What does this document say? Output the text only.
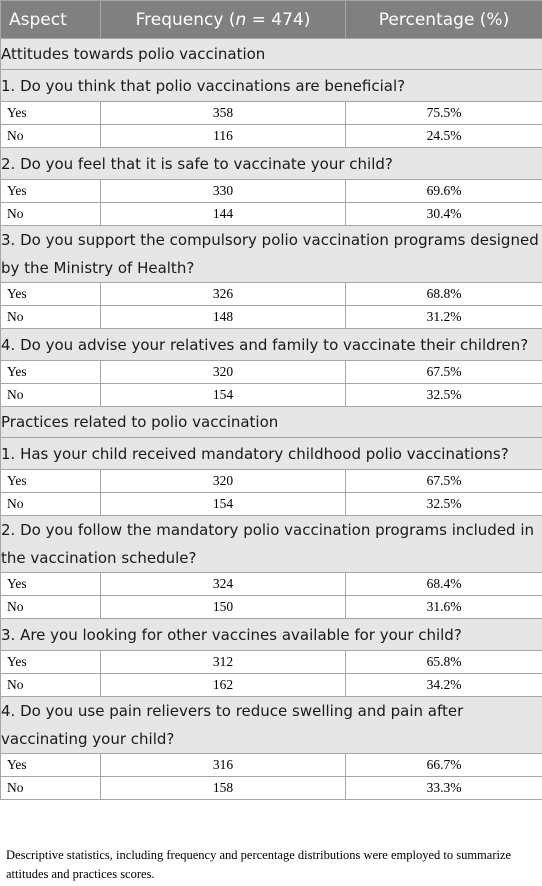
Aspect	Frequency (n = 474)	Percentage (%)
Attitudes towards polio vaccination		
1. Do you think that polio vaccinations are beneficial?		
Yes	358	75.5%
No	116	24.5%
2. Do you feel that it is safe to vaccinate your child?		
Yes	330	69.6%
No	144	30.4%
3. Do you support the compulsory polio vaccination programs designed by the Ministry of Health?		
Yes	326	68.8%
No	148	31.2%
4. Do you advise your relatives and family to vaccinate their children?		
Yes	320	67.5%
No	154	32.5%
Practices related to polio vaccination		
1. Has your child received mandatory childhood polio vaccinations?		
Yes	320	67.5%
No	154	32.5%
2. Do you follow the mandatory polio vaccination programs included in the vaccination schedule?		
Yes	324	68.4%
No	150	31.6%
3. Are you looking for other vaccines available for your child?		
Yes	312	65.8%
No	162	34.2%
4. Do you use pain relievers to reduce swelling and pain after vaccinating your child?		
Yes	316	66.7%
No	158	33.3%

Descriptive statistics, including frequency and percentage distributions were employed to summarize attitudes and practices scores.
